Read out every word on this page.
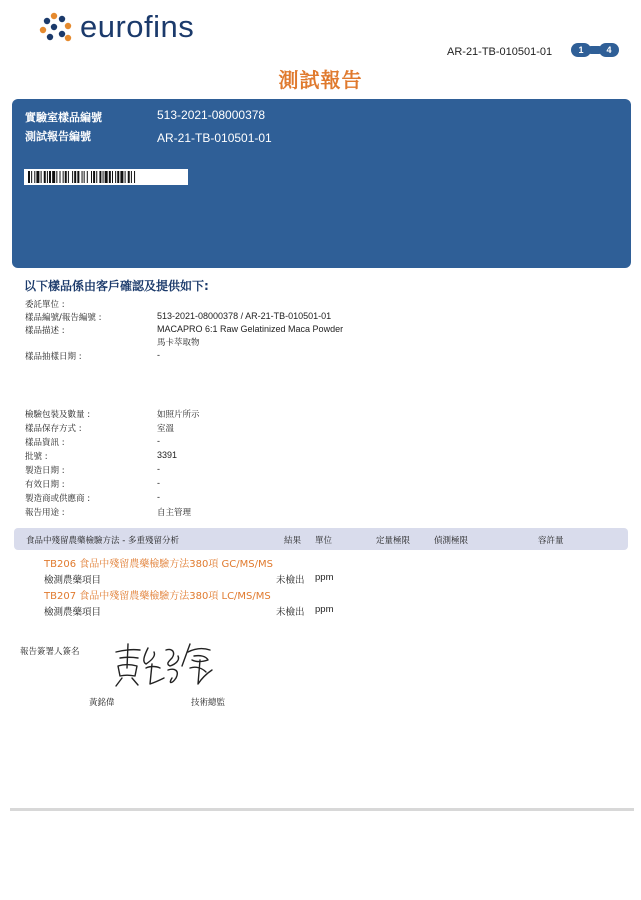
eurofins
AR-21-TB-010501-01	1	4
測試報告
實驗室樣品編號	513-2021-08000378
測試報告編號	AR-21-TB-010501-01
以下樣品係由客戶確認及提供如下:
委託單位 :
樣品編號/報告編號 :	513-2021-08000378 / AR-21-TB-010501-01
樣品描述 :	MACAPRO 6:1 Raw Gelatinized Maca Powder
馬卡萃取物
樣品抽樣日期 :	-
檢驗包裝及數量 :	如照片所示
樣品保存方式 :	室溫
樣品資訊 :	-
批號 :	3391
製造日期 :	-
有效日期 :	-
製造商或供應商 :	-
報告用途 :	自主管理
食品中殘留農藥檢驗方法 - 多重殘留分析	結果 單位	定量極限	偵測極限	容許量
TB206 食品中殘留農藥檢驗方法380項 GC/MS/MS
檢測農藥項目	未檢出 ppm
TB207 食品中殘留農藥檢驗方法380項 LC/MS/MS
檢測農藥項目	未檢出 ppm
報告簽署人簽名
黃銘偉	技術總監
